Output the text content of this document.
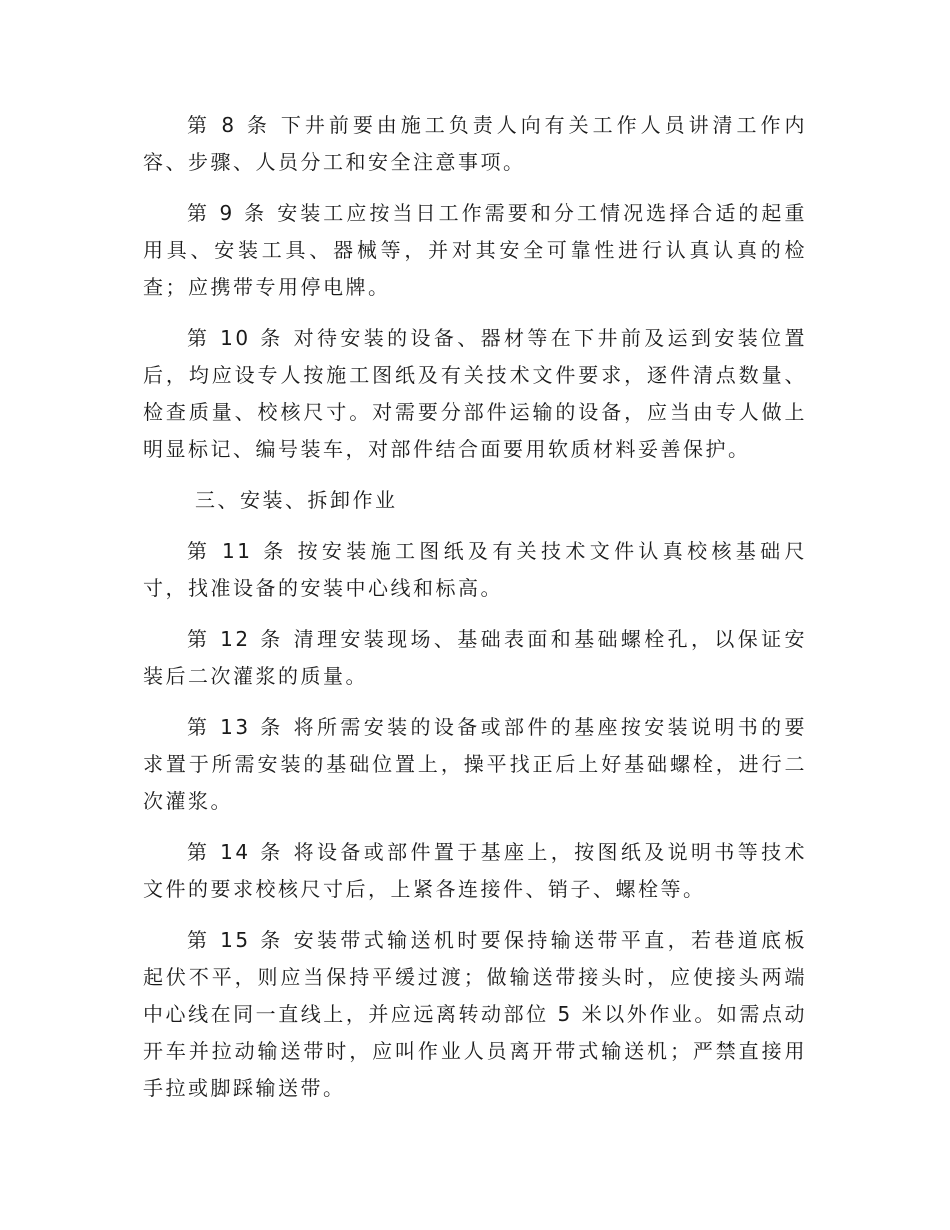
第 8 条 下井前要由施工负责人向有关工作人员讲清工作内容、步骤、人员分工和安全注意事项。

第 9 条 安装工应按当日工作需要和分工情况选择合适的起重用具、安装工具、器械等，并对其安全可靠性进行认真认真的检查；应携带专用停电牌。

第 10 条 对待安装的设备、器材等在下井前及运到安装位置后，均应设专人按施工图纸及有关技术文件要求，逐件清点数量、检查质量、校核尺寸。对需要分部件运输的设备，应当由专人做上明显标记、编号装车，对部件结合面要用软质材料妥善保护。

三、安装、拆卸作业

第 11 条 按安装施工图纸及有关技术文件认真校核基础尺寸，找准设备的安装中心线和标高。

第 12 条 清理安装现场、基础表面和基础螺栓孔，以保证安装后二次灌浆的质量。

第 13 条 将所需安装的设备或部件的基座按安装说明书的要求置于所需安装的基础位置上，操平找正后上好基础螺栓，进行二次灌浆。

第 14 条 将设备或部件置于基座上，按图纸及说明书等技术文件的要求校核尺寸后，上紧各连接件、销子、螺栓等。

第 15 条 安装带式输送机时要保持输送带平直，若巷道底板起伏不平，则应当保持平缓过渡；做输送带接头时，应使接头两端中心线在同一直线上，并应远离转动部位 5 米以外作业。如需点动开车并拉动输送带时，应叫作业人员离开带式输送机；严禁直接用手拉或脚踩输送带。
